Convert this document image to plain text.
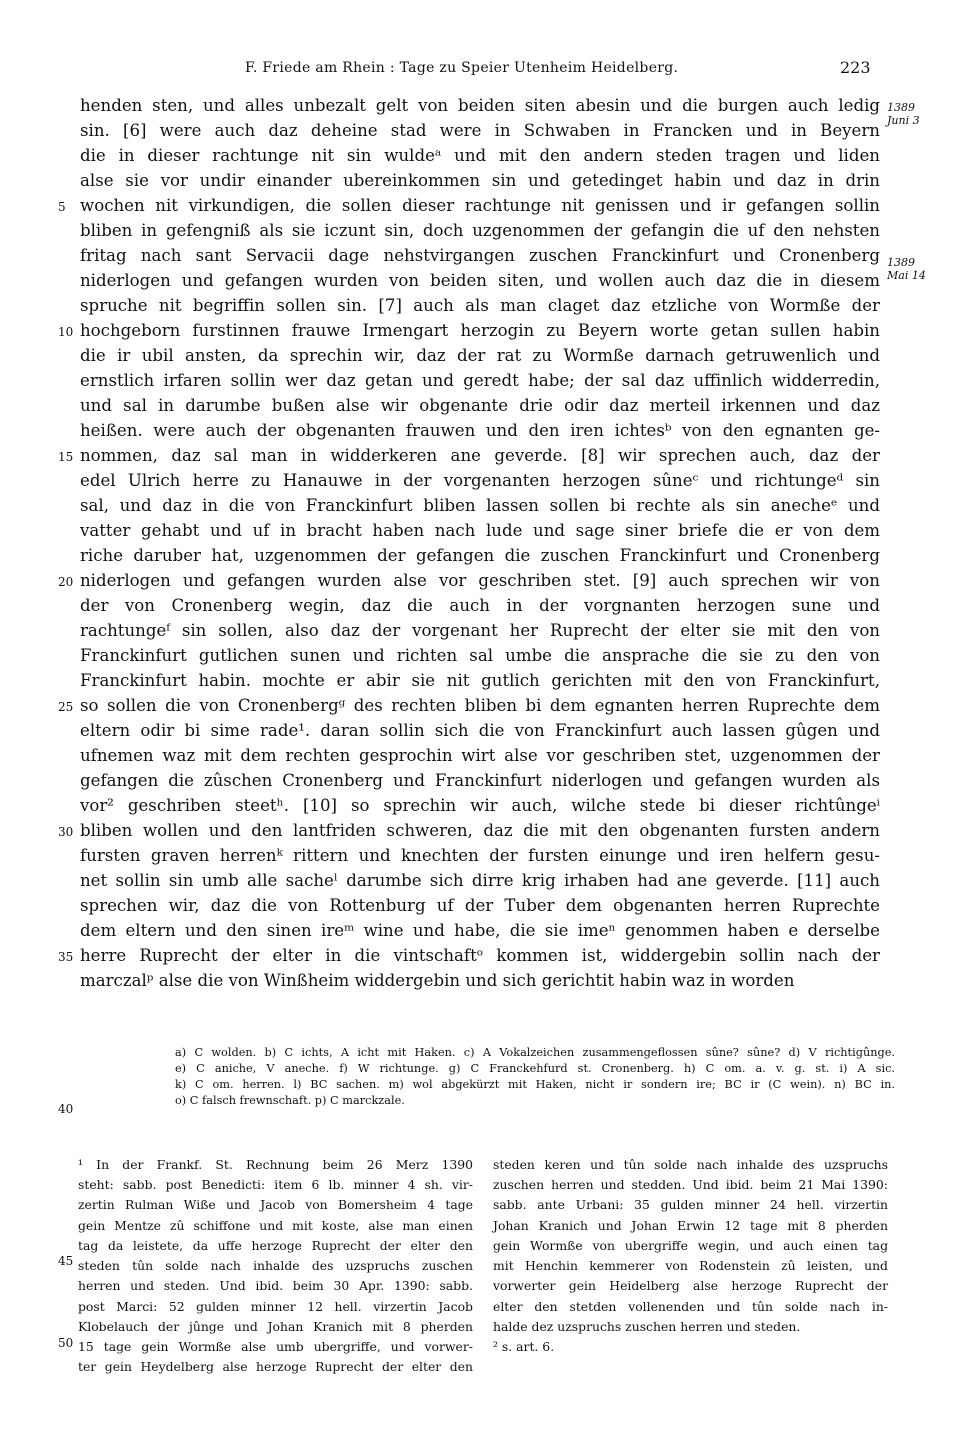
F. Friede am Rhein : Tage zu Speier Utenheim Heidelberg.	223
henden sten, und alles unbezalt gelt von beiden siten abesin und die burgen auch ledig
sin. [6] were auch daz deheine stad were in Schwaben in Francken und in Beyern
die in dieser rachtunge nit sin wuldeᵃ und mit den andern steden tragen und liden
alse sie vor undir einander ubereinkommen sin und getedinget habin und daz in drin
wochen nit virkundigen, die sollen dieser rachtunge nit genissen und ir gefangen sollin
bliben in gefengniß als sie iczunt sin, doch uzgenommen der gefangin die uf den nehsten
fritag nach sant Servacii dage nehstvirgangen zuschen Franckinfurt und Cronenberg
niderlogen und gefangen wurden von beiden siten, und wollen auch daz die in diesem
spruche nit begriffin sollen sin. [7] auch als man claget daz etzliche von Wormße der
hochgeborn furstinnen frauwe Irmengart herzogin zu Beyern worte getan sullen habin
die ir ubil ansten, da sprechin wir, daz der rat zu Wormße darnach getruwenlich und
ernstlich irfaren sollin wer daz getan und geredt habe; der sal daz uffinlich widderredin,
und sal in darumbe bußen alse wir obgenante drie odir daz merteil irkennen und daz
heißen. were auch der obgenanten frauwen und den iren ichtesᵇ von den egnanten ge-
nommen, daz sal man in widderkeren ane geverde. [8] wir sprechen auch, daz der
edel Ulrich herre zu Hanauwe in der vorgenanten herzogen sûneᶜ und richtungeᵈ sin
sal, und daz in die von Franckinfurt bliben lassen sollen bi rechte als sin anecheᵉ und
vatter gehabt und uf in bracht haben nach lude und sage siner briefe die er von dem
riche daruber hat, uzgenommen der gefangen die zuschen Franckinfurt und Cronenberg
niderlogen und gefangen wurden alse vor geschriben stet. [9] auch sprechen wir von
der von Cronenberg wegin, daz die auch in der vorgnanten herzogen sune und
rachtungeᶠ sin sollen, also daz der vorgenant her Ruprecht der elter sie mit den von
Franckinfurt gutlichen sunen und richten sal umbe die ansprache die sie zu den von
Franckinfurt habin. mochte er abir sie nit gutlich gerichten mit den von Franckinfurt,
so sollen die von Cronenbergᵍ des rechten bliben bi dem egnanten herren Ruprechte dem
eltern odir bi sime rade¹. daran sollin sich die von Franckinfurt auch lassen gûgen und
ufnemen waz mit dem rechten gesprochin wirt alse vor geschriben stet, uzgenommen der
gefangen die zûschen Cronenberg und Franckinfurt niderlogen und gefangen wurden als
vor² geschriben steetʰ. [10] so sprechin wir auch, wilche stede bi dieser richtûngeⁱ
bliben wollen und den lantfriden schweren, daz die mit den obgenanten fursten andern
fursten graven herrenᵏ rittern und knechten der fursten einunge und iren helfern gesu-
net sollin sin umb alle sacheˡ darumbe sich dirre krig irhaben had ane geverde. [11] auch
sprechen wir, daz die von Rottenburg uf der Tuber dem obgenanten herren Ruprechte
dem eltern und den sinen ireᵐ wine und habe, die sie imeⁿ genommen haben e derselbe
herre Ruprecht der elter in die vintschaftᵒ kommen ist, widdergebin sollin nach der
marczalᵖ alse die von Winßheim widdergebin und sich gerichtit habin waz in worden
5
10
15
20
25
30
35
40
45
50
1389
Juni 3
1389
Mai 14
a) C wolden. b) C ichts, A icht mit Haken. c) A Vokalzeichen zusammengeflossen sûne? sûne? d) V richtigûnge.
e) C aniche, V aneche. f) W richtunge. g) C Franckehfurd st. Cronenberg. h) C om. a. v. g. st. i) A sic.
k) C om. herren. l) BC sachen. m) wol abgekürzt mit Haken, nicht ir sondern ire; BC ir (C wein). n) BC in.
o) C falsch frewnschaft. p) C marckzale.
¹ In der Frankf. St. Rechnung beim 26 Merz 1390
steht: sabb. post Benedicti: item 6 lb. minner 4 sh. vir-
zertin Rulman Wiße und Jacob von Bomersheim 4 tage
gein Mentze zû schiffone und mit koste, alse man einen
tag da leistete, da uffe herzoge Ruprecht der elter den
steden tûn solde nach inhalde des uzspruchs zuschen
herren und steden. Und ibid. beim 30 Apr. 1390: sabb.
post Marci: 52 gulden minner 12 hell. virzertin Jacob
Klobelauch der jûnge und Johan Kranich mit 8 pherden
15 tage gein Wormße alse umb ubergriffe, und vorwer-
ter gein Heydelberg alse herzoge Ruprecht der elter den
steden keren und tûn solde nach inhalde des uzspruchs
zuschen herren und stedden. Und ibid. beim 21 Mai 1390:
sabb. ante Urbani: 35 gulden minner 24 hell. virzertin
Johan Kranich und Johan Erwin 12 tage mit 8 pherden
gein Wormße von ubergriffe wegin, und auch einen tag
mit Henchin kemmerer von Rodenstein zû leisten, und
vorwerter gein Heidelberg alse herzoge Ruprecht der
elter den stetden vollenenden und tûn solde nach in-
halde dez uzspruchs zuschen herren und steden.
² s. art. 6.
